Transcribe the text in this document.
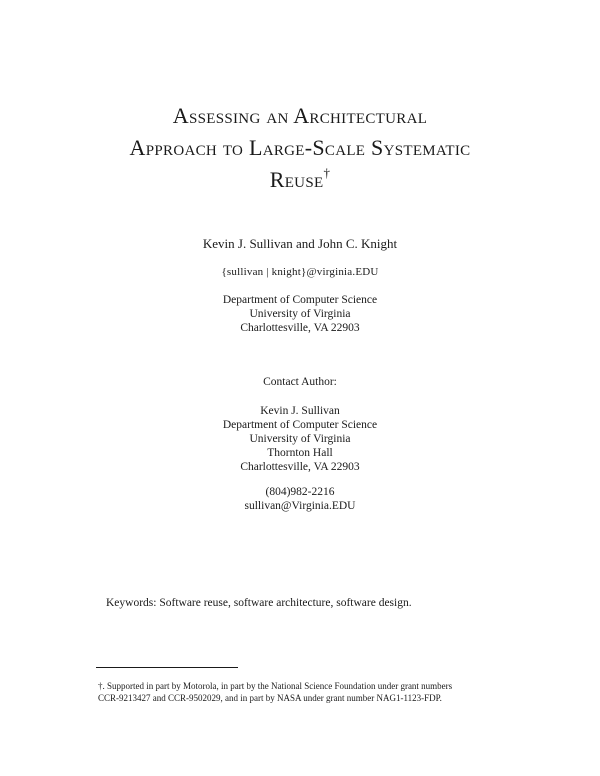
Assessing an Architectural
Approach to Large-Scale Systematic
Reuse†
Kevin J. Sullivan and John C. Knight
{sullivan | knight}@virginia.EDU
Department of Computer Science
University of Virginia
Charlottesville, VA 22903
Contact Author:
Kevin J. Sullivan
Department of Computer Science
University of Virginia
Thornton Hall
Charlottesville, VA 22903
(804)982-2216
sullivan@Virginia.EDU
Keywords: Software reuse, software architecture, software design.
†. Supported in part by Motorola, in part by the National Science Foundation under grant numbers
CCR-9213427 and CCR-9502029, and in part by NASA under grant number NAG1-1123-FDP.
